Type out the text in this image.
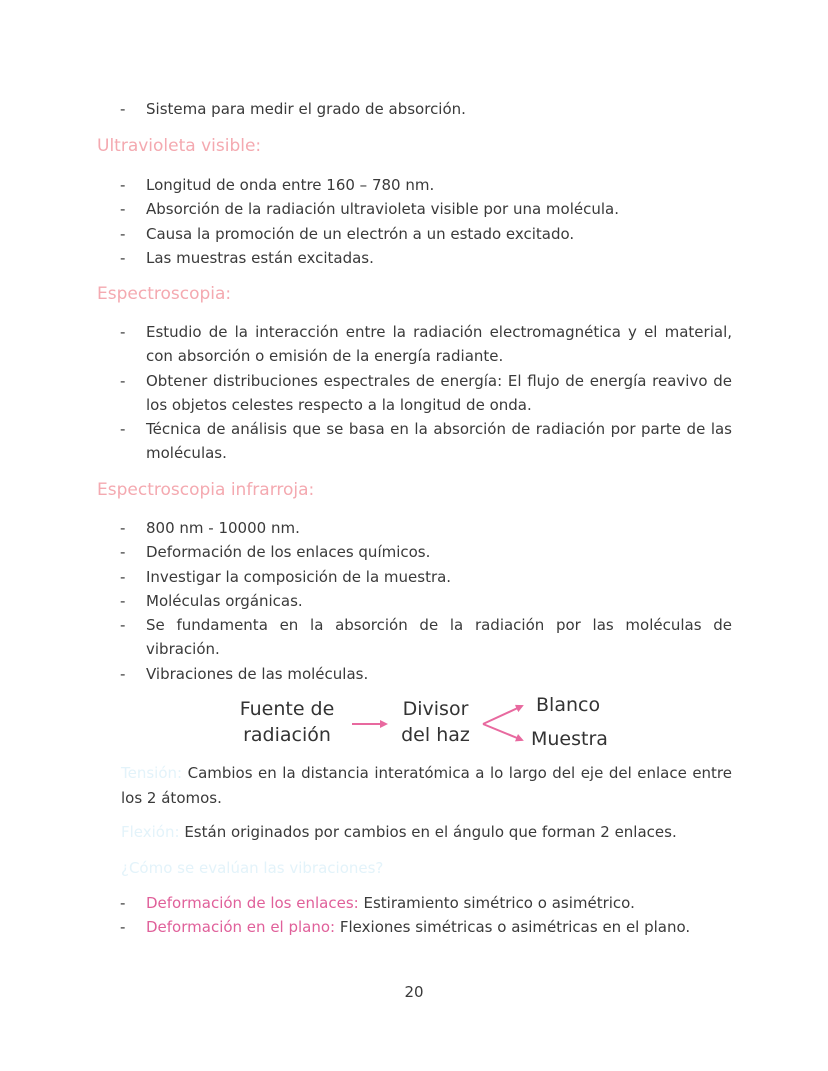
- Sistema para medir el grado de absorción.
Ultravioleta visible:
- Longitud de onda entre 160 – 780 nm.
- Absorción de la radiación ultravioleta visible por una molécula.
- Causa la promoción de un electrón a un estado excitado.
- Las muestras están excitadas.
Espectroscopia:
- Estudio de la interacción entre la radiación electromagnética y el material, con absorción o emisión de la energía radiante.
- Obtener distribuciones espectrales de energía: El flujo de energía reavivo de los objetos celestes respecto a la longitud de onda.
- Técnica de análisis que se basa en la absorción de radiación por parte de las moléculas.
Espectroscopia infrarroja:
- 800 nm - 10000 nm.
- Deformación de los enlaces químicos.
- Investigar la composición de la muestra.
- Moléculas orgánicas.
- Se fundamenta en la absorción de la radiación por las moléculas de vibración.
- Vibraciones de las moléculas.
Fuente de
radiación
Divisor
del haz
Blanco
Muestra

Tensión: Cambios en la distancia interatómica a lo largo del eje del enlace entre los 2 átomos.

Flexión: Están originados por cambios en el ángulo que forman 2 enlaces.

¿Cómo se evalúan las vibraciones?

- Deformación de los enlaces: Estiramiento simétrico o asimétrico.
- Deformación en el plano: Flexiones simétricas o asimétricas en el plano.
20
